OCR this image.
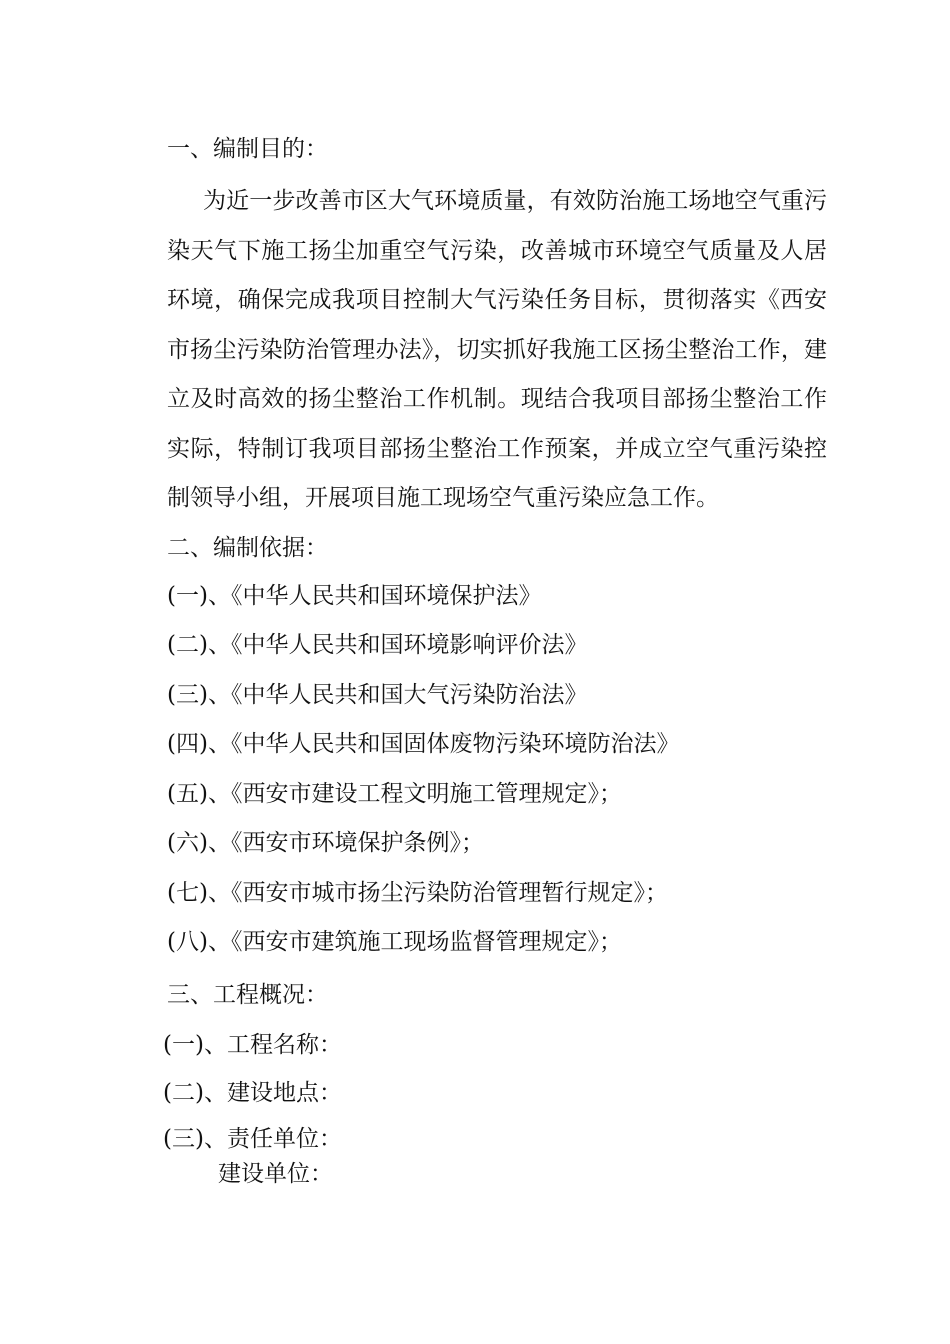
一、编制目的：
为近一步改善市区大气环境质量，有效防治施工场地空气重污染天气下施工扬尘加重空气污染，改善城市环境空气质量及人居环境，确保完成我项目控制大气污染任务目标，贯彻落实《西安市扬尘污染防治管理办法》，切实抓好我施工区扬尘整治工作，建立及时高效的扬尘整治工作机制。现结合我项目部扬尘整治工作实际，特制订我项目部扬尘整治工作预案，并成立空气重污染控制领导小组，开展项目施工现场空气重污染应急工作。
二、编制依据：
(一)、《中华人民共和国环境保护法》
(二)、《中华人民共和国环境影响评价法》
(三)、《中华人民共和国大气污染防治法》
(四)、《中华人民共和国固体废物污染环境防治法》
(五)、《西安市建设工程文明施工管理规定》；
(六)、《西安市环境保护条例》；
(七)、《西安市城市扬尘污染防治管理暂行规定》；
(八)、《西安市建筑施工现场监督管理规定》；
三、工程概况：
(一)、工程名称：
(二)、建设地点：
(三)、责任单位：
建设单位：
